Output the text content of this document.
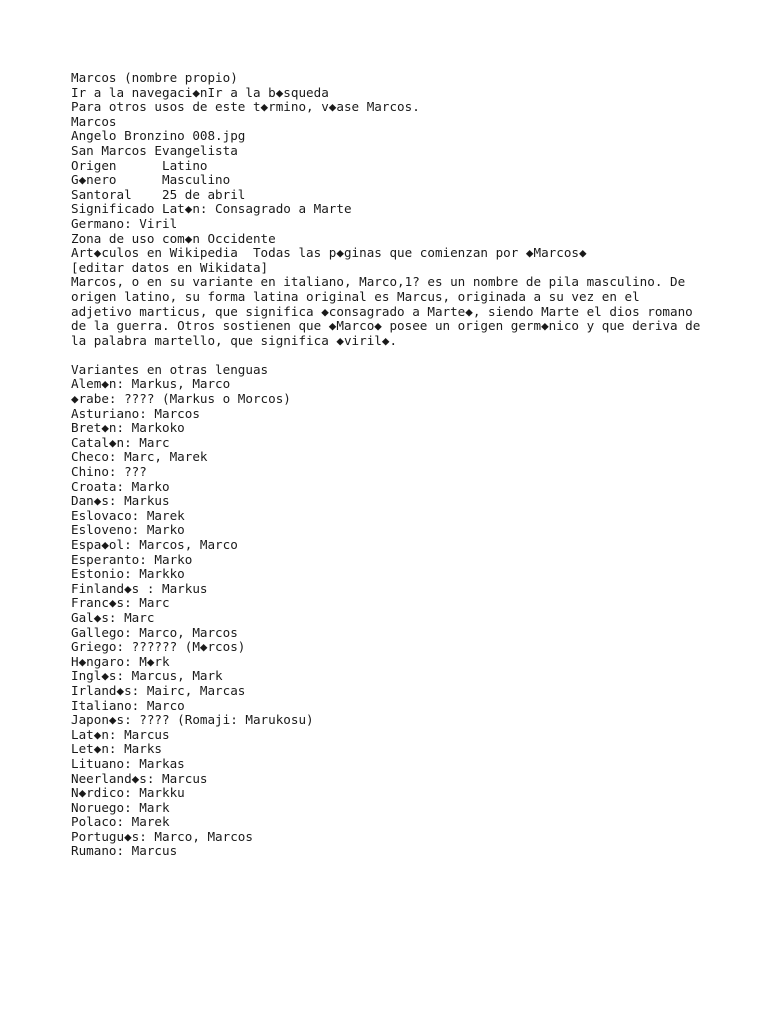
Marcos (nombre propio)
Ir a la navegaci◆nIr a la b◆squeda
Para otros usos de este t◆rmino, v◆ase Marcos.
Marcos
Angelo Bronzino 008.jpg
San Marcos Evangelista
Origen      Latino
G◆nero      Masculino
Santoral    25 de abril
Significado Lat◆n: Consagrado a Marte
Germano: Viril
Zona de uso com◆n Occidente
Art◆culos en Wikipedia  Todas las p◆ginas que comienzan por ◆Marcos◆
[editar datos en Wikidata]
Marcos, o en su variante en italiano, Marco,1? es un nombre de pila masculino. De
origen latino, su forma latina original es Marcus, originada a su vez en el
adjetivo marticus, que significa ◆consagrado a Marte◆, siendo Marte el dios romano
de la guerra. Otros sostienen que ◆Marco◆ posee un origen germ◆nico y que deriva de
la palabra martello, que significa ◆viril◆.
Variantes en otras lenguas
Alem◆n: Markus, Marco
◆rabe: ???? (Markus o Morcos)
Asturiano: Marcos
Bret◆n: Markoko
Catal◆n: Marc
Checo: Marc, Marek
Chino: ???
Croata: Marko
Dan◆s: Markus
Eslovaco: Marek
Esloveno: Marko
Espa◆ol: Marcos, Marco
Esperanto: Marko
Estonio: Markko
Finland◆s : Markus
Franc◆s: Marc
Gal◆s: Marc
Gallego: Marco, Marcos
Griego: ?????? (M◆rcos)
H◆ngaro: M◆rk
Ingl◆s: Marcus, Mark
Irland◆s: Mairc, Marcas
Italiano: Marco
Japon◆s: ???? (Romaji: Marukosu)
Lat◆n: Marcus
Let◆n: Marks
Lituano: Markas
Neerland◆s: Marcus
N◆rdico: Markku
Noruego: Mark
Polaco: Marek
Portugu◆s: Marco, Marcos
Rumano: Marcus
